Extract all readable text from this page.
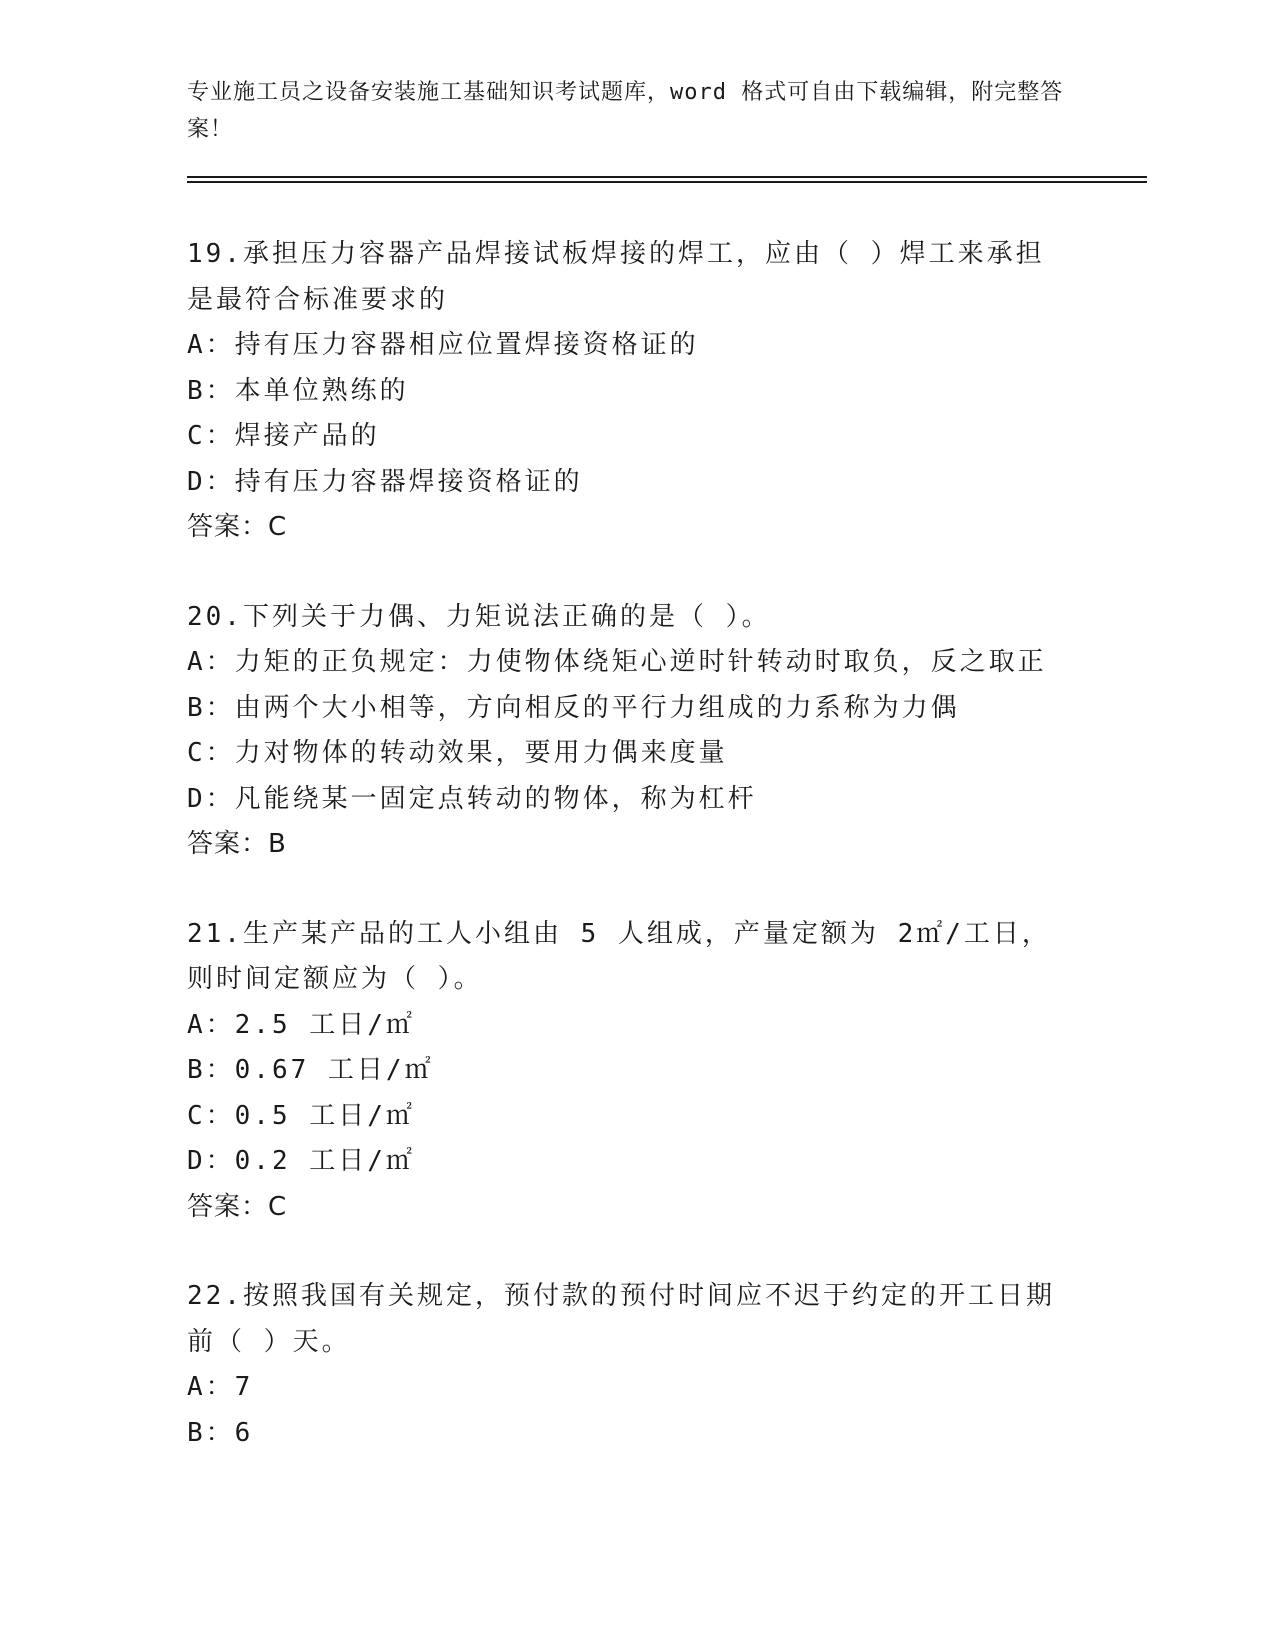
专业施工员之设备安装施工基础知识考试题库，word 格式可自由下载编辑，附完整答案！
19.承担压力容器产品焊接试板焊接的焊工，应由（ ）焊工来承担是最符合标准要求的
A：持有压力容器相应位置焊接资格证的
B：本单位熟练的
C：焊接产品的
D：持有压力容器焊接资格证的
答案：C
20.下列关于力偶、力矩说法正确的是（ ）。
A：力矩的正负规定：力使物体绕矩心逆时针转动时取负，反之取正
B：由两个大小相等，方向相反的平行力组成的力系称为力偶
C：力对物体的转动效果，要用力偶来度量
D：凡能绕某一固定点转动的物体，称为杠杆
答案：B
21.生产某产品的工人小组由 5 人组成，产量定额为 2㎡/工日，则时间定额应为（ ）。
A：2.5 工日/㎡
B：0.67 工日/㎡
C：0.5 工日/㎡
D：0.2 工日/㎡
答案：C
22.按照我国有关规定，预付款的预付时间应不迟于约定的开工日期前（ ）天。
A：7
B：6
